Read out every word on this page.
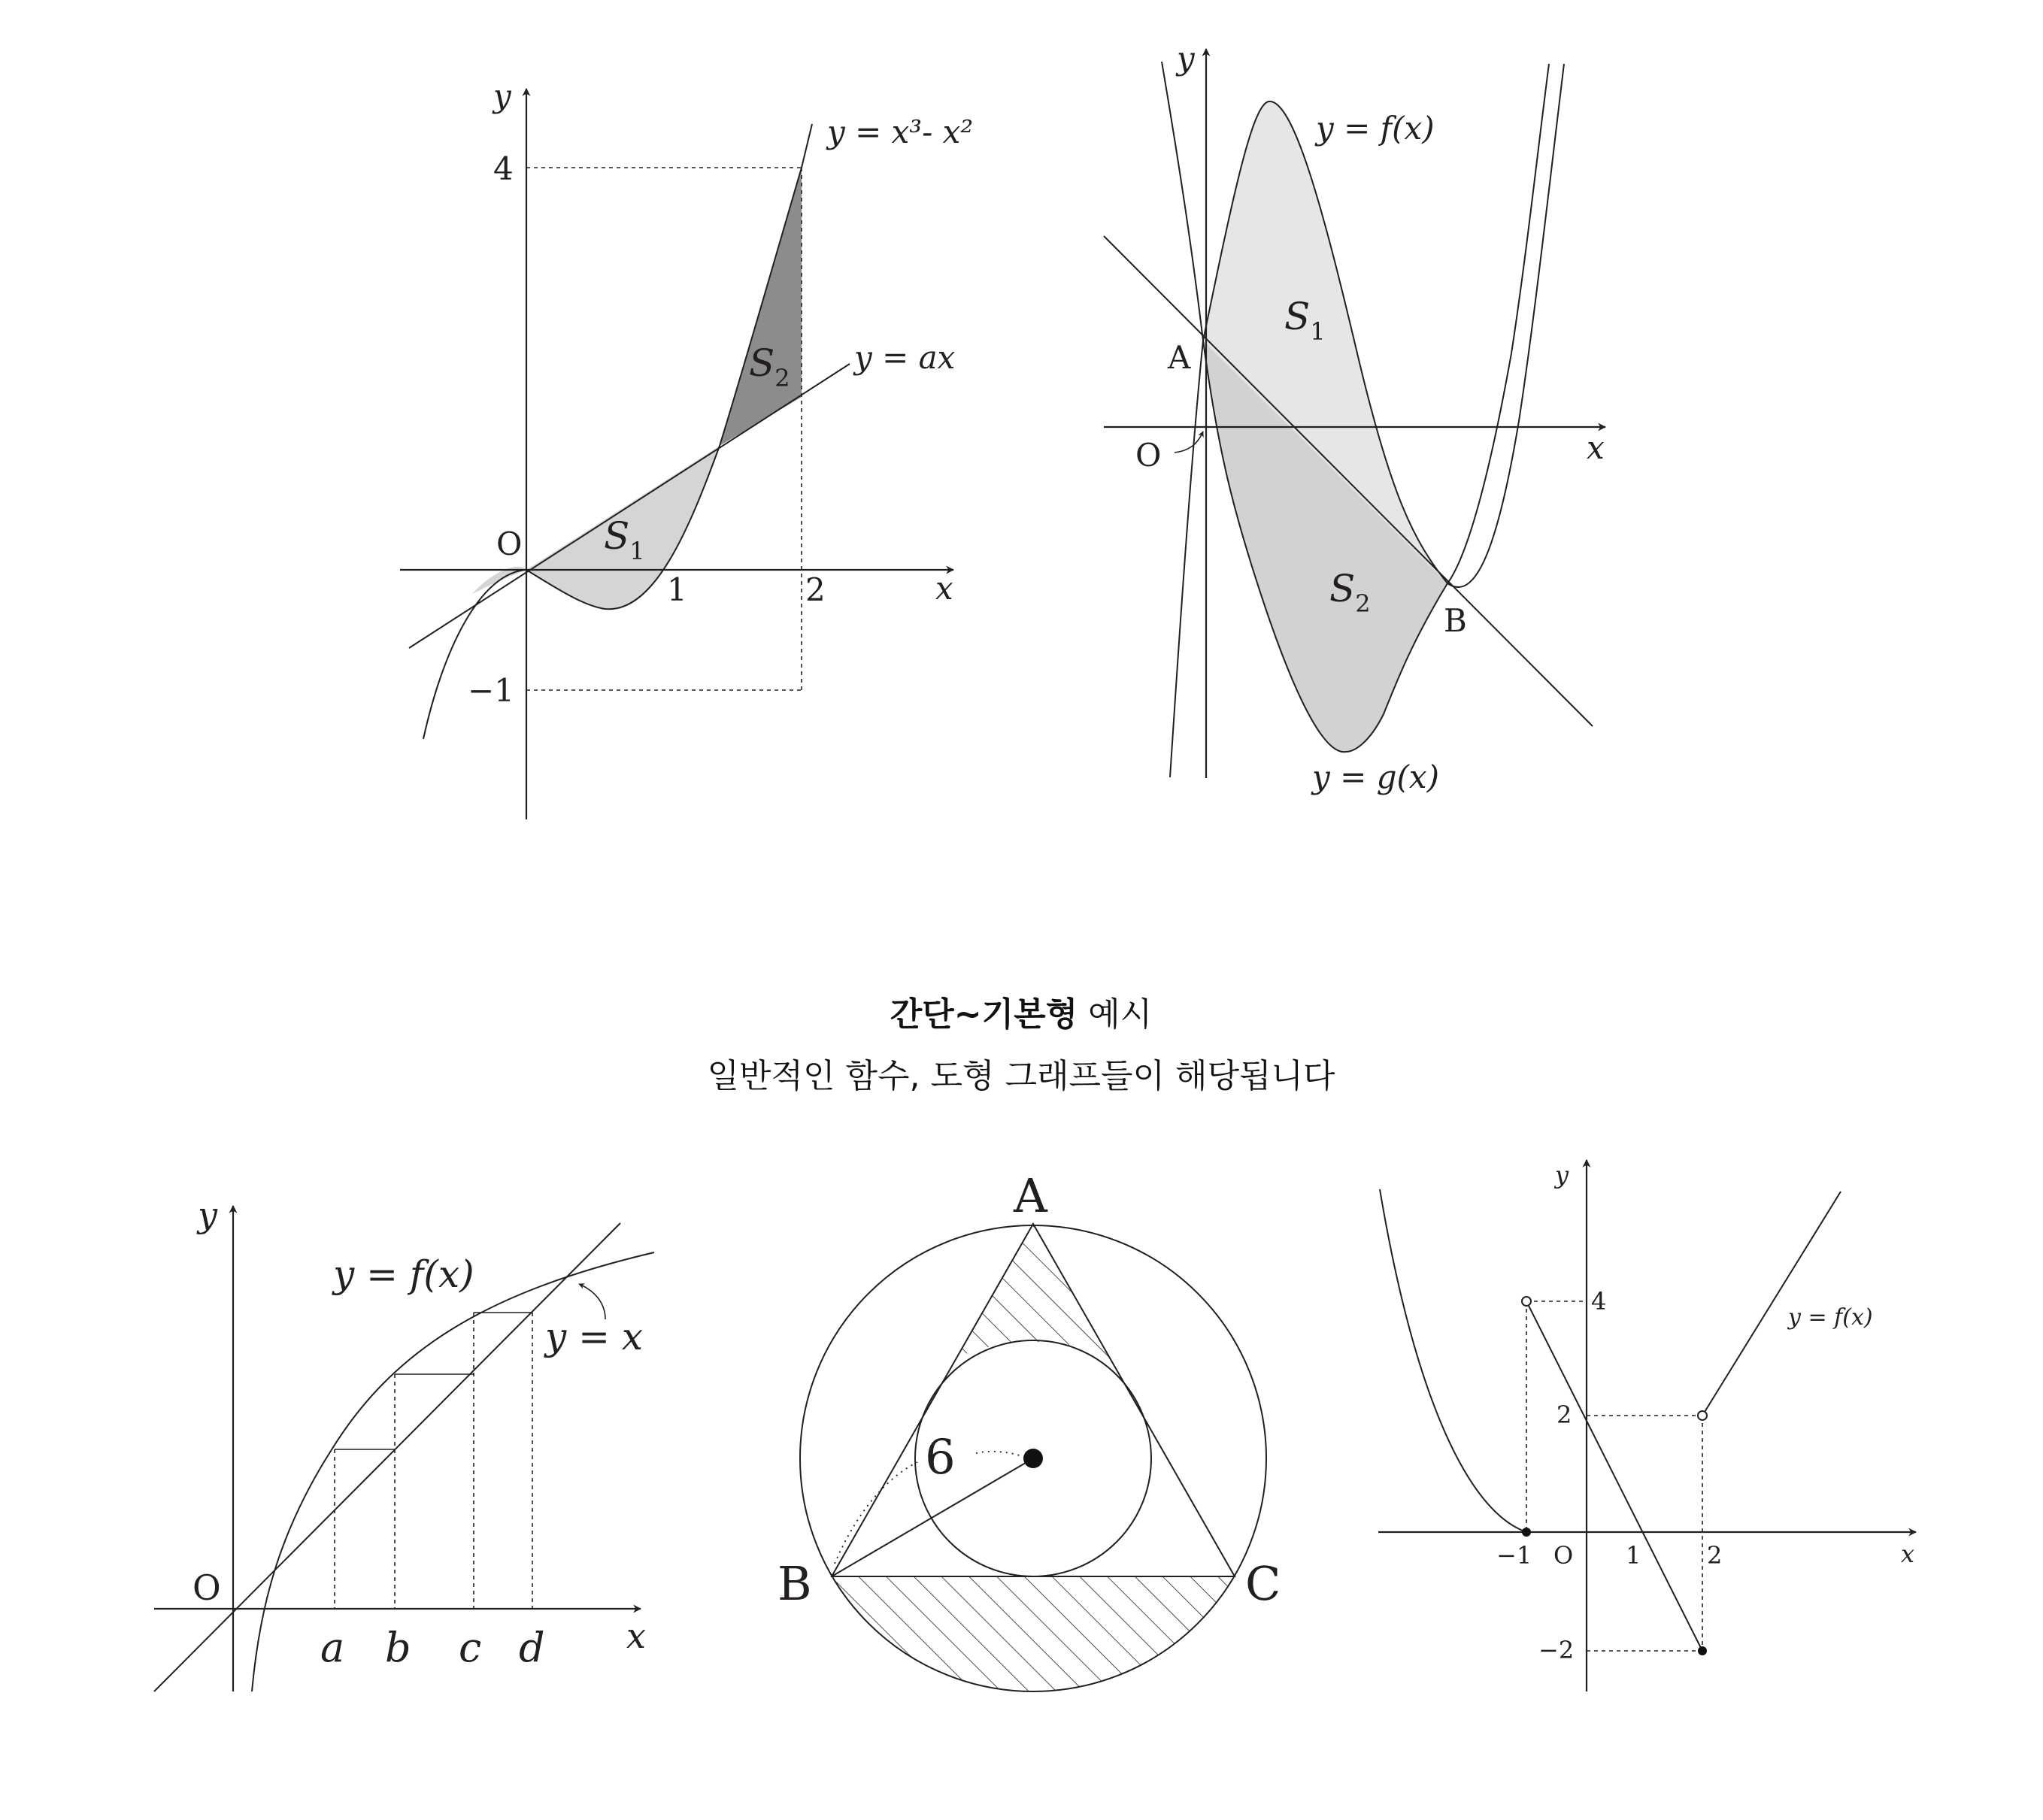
y
x
O
4
−1
1	2
y = x³- x²
y = ax
$S_1$
$S_2$
y
x
O
A
B
y = f(x)
y = g(x)
$S_1$
$S_2$
간단~기본형 예시
일반적인 함수, 도형 그래프들이 해당됩니다
y
x
O
y = f(x)
y = x
a b c d
A
B	C
6
y
x
O
y = f(x)
4
2
−2
−1	1	2
